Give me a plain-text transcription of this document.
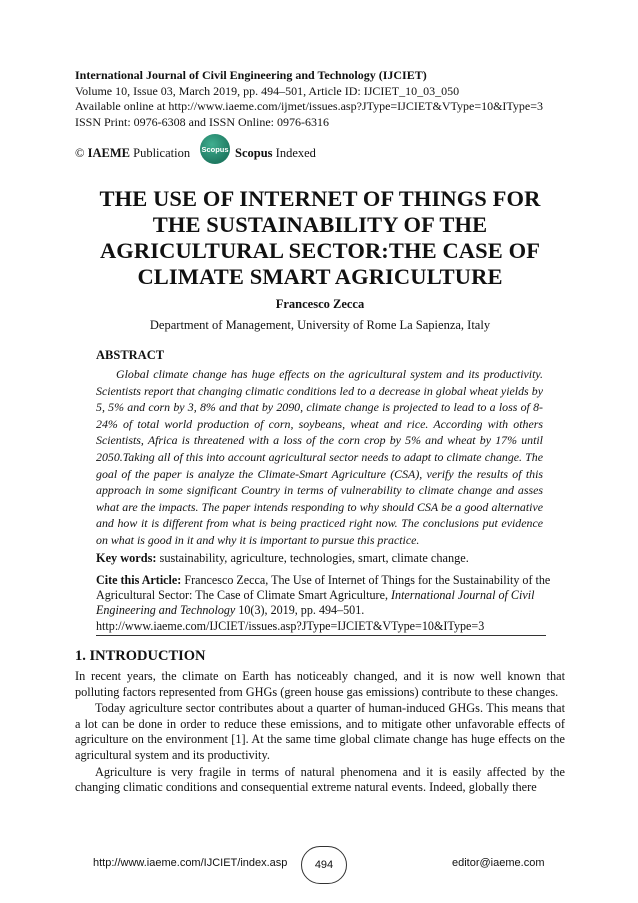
International Journal of Civil Engineering and Technology (IJCIET)
Volume 10, Issue 03, March 2019, pp. 494–501, Article ID: IJCIET_10_03_050
Available online at http://www.iaeme.com/ijmet/issues.asp?JType=IJCIET&VType=10&IType=3
ISSN Print: 0976-6308 and ISSN Online: 0976-6316
© IAEME Publication Scopus Scopus Indexed
THE USE OF INTERNET OF THINGS FOR THE SUSTAINABILITY OF THE AGRICULTURAL SECTOR:THE CASE OF CLIMATE SMART AGRICULTURE
Francesco Zecca
Department of Management, University of Rome La Sapienza, Italy
ABSTRACT
Global climate change has huge effects on the agricultural system and its productivity. Scientists report that changing climatic conditions led to a decrease in global wheat yields by 5, 5% and corn by 3, 8% and that by 2090, climate change is projected to lead to a loss of 8-24% of total world production of corn, soybeans, wheat and rice. According with others Scientists, Africa is threatened with a loss of the corn crop by 5% and wheat by 17% until 2050.Taking all of this into account agricultural sector needs to adapt to climate change. The goal of the paper is analyze the Climate-Smart Agriculture (CSA), verify the results of this approach in some significant Country in terms of vulnerability to climate change and asses what are the impacts. The paper intends responding to why should CSA be a good alternative and how it is different from what is being practiced right now. The conclusions put evidence on what is good in it and why it is important to pursue this practice.
Key words: sustainability, agriculture, technologies, smart, climate change.
Cite this Article: Francesco Zecca, The Use of Internet of Things for the Sustainability of the Agricultural Sector: The Case of Climate Smart Agriculture, International Journal of Civil Engineering and Technology 10(3), 2019, pp. 494–501. http://www.iaeme.com/IJCIET/issues.asp?JType=IJCIET&VType=10&IType=3
1. INTRODUCTION

In recent years, the climate on Earth has noticeably changed, and it is now well known that polluting factors represented from GHGs (green house gas emissions) contribute to these changes.

Today agriculture sector contributes about a quarter of human-induced GHGs. This means that a lot can be done in order to reduce these emissions, and to mitigate other unfavorable effects of agriculture on the environment [1]. At the same time global climate change has huge effects on the agricultural system and its productivity.

Agriculture is very fragile in terms of natural phenomena and it is easily affected by the changing climatic conditions and consequential extreme natural events. Indeed, globally there

http://www.iaeme.com/IJCIET/index.asp	494	editor@iaeme.com
